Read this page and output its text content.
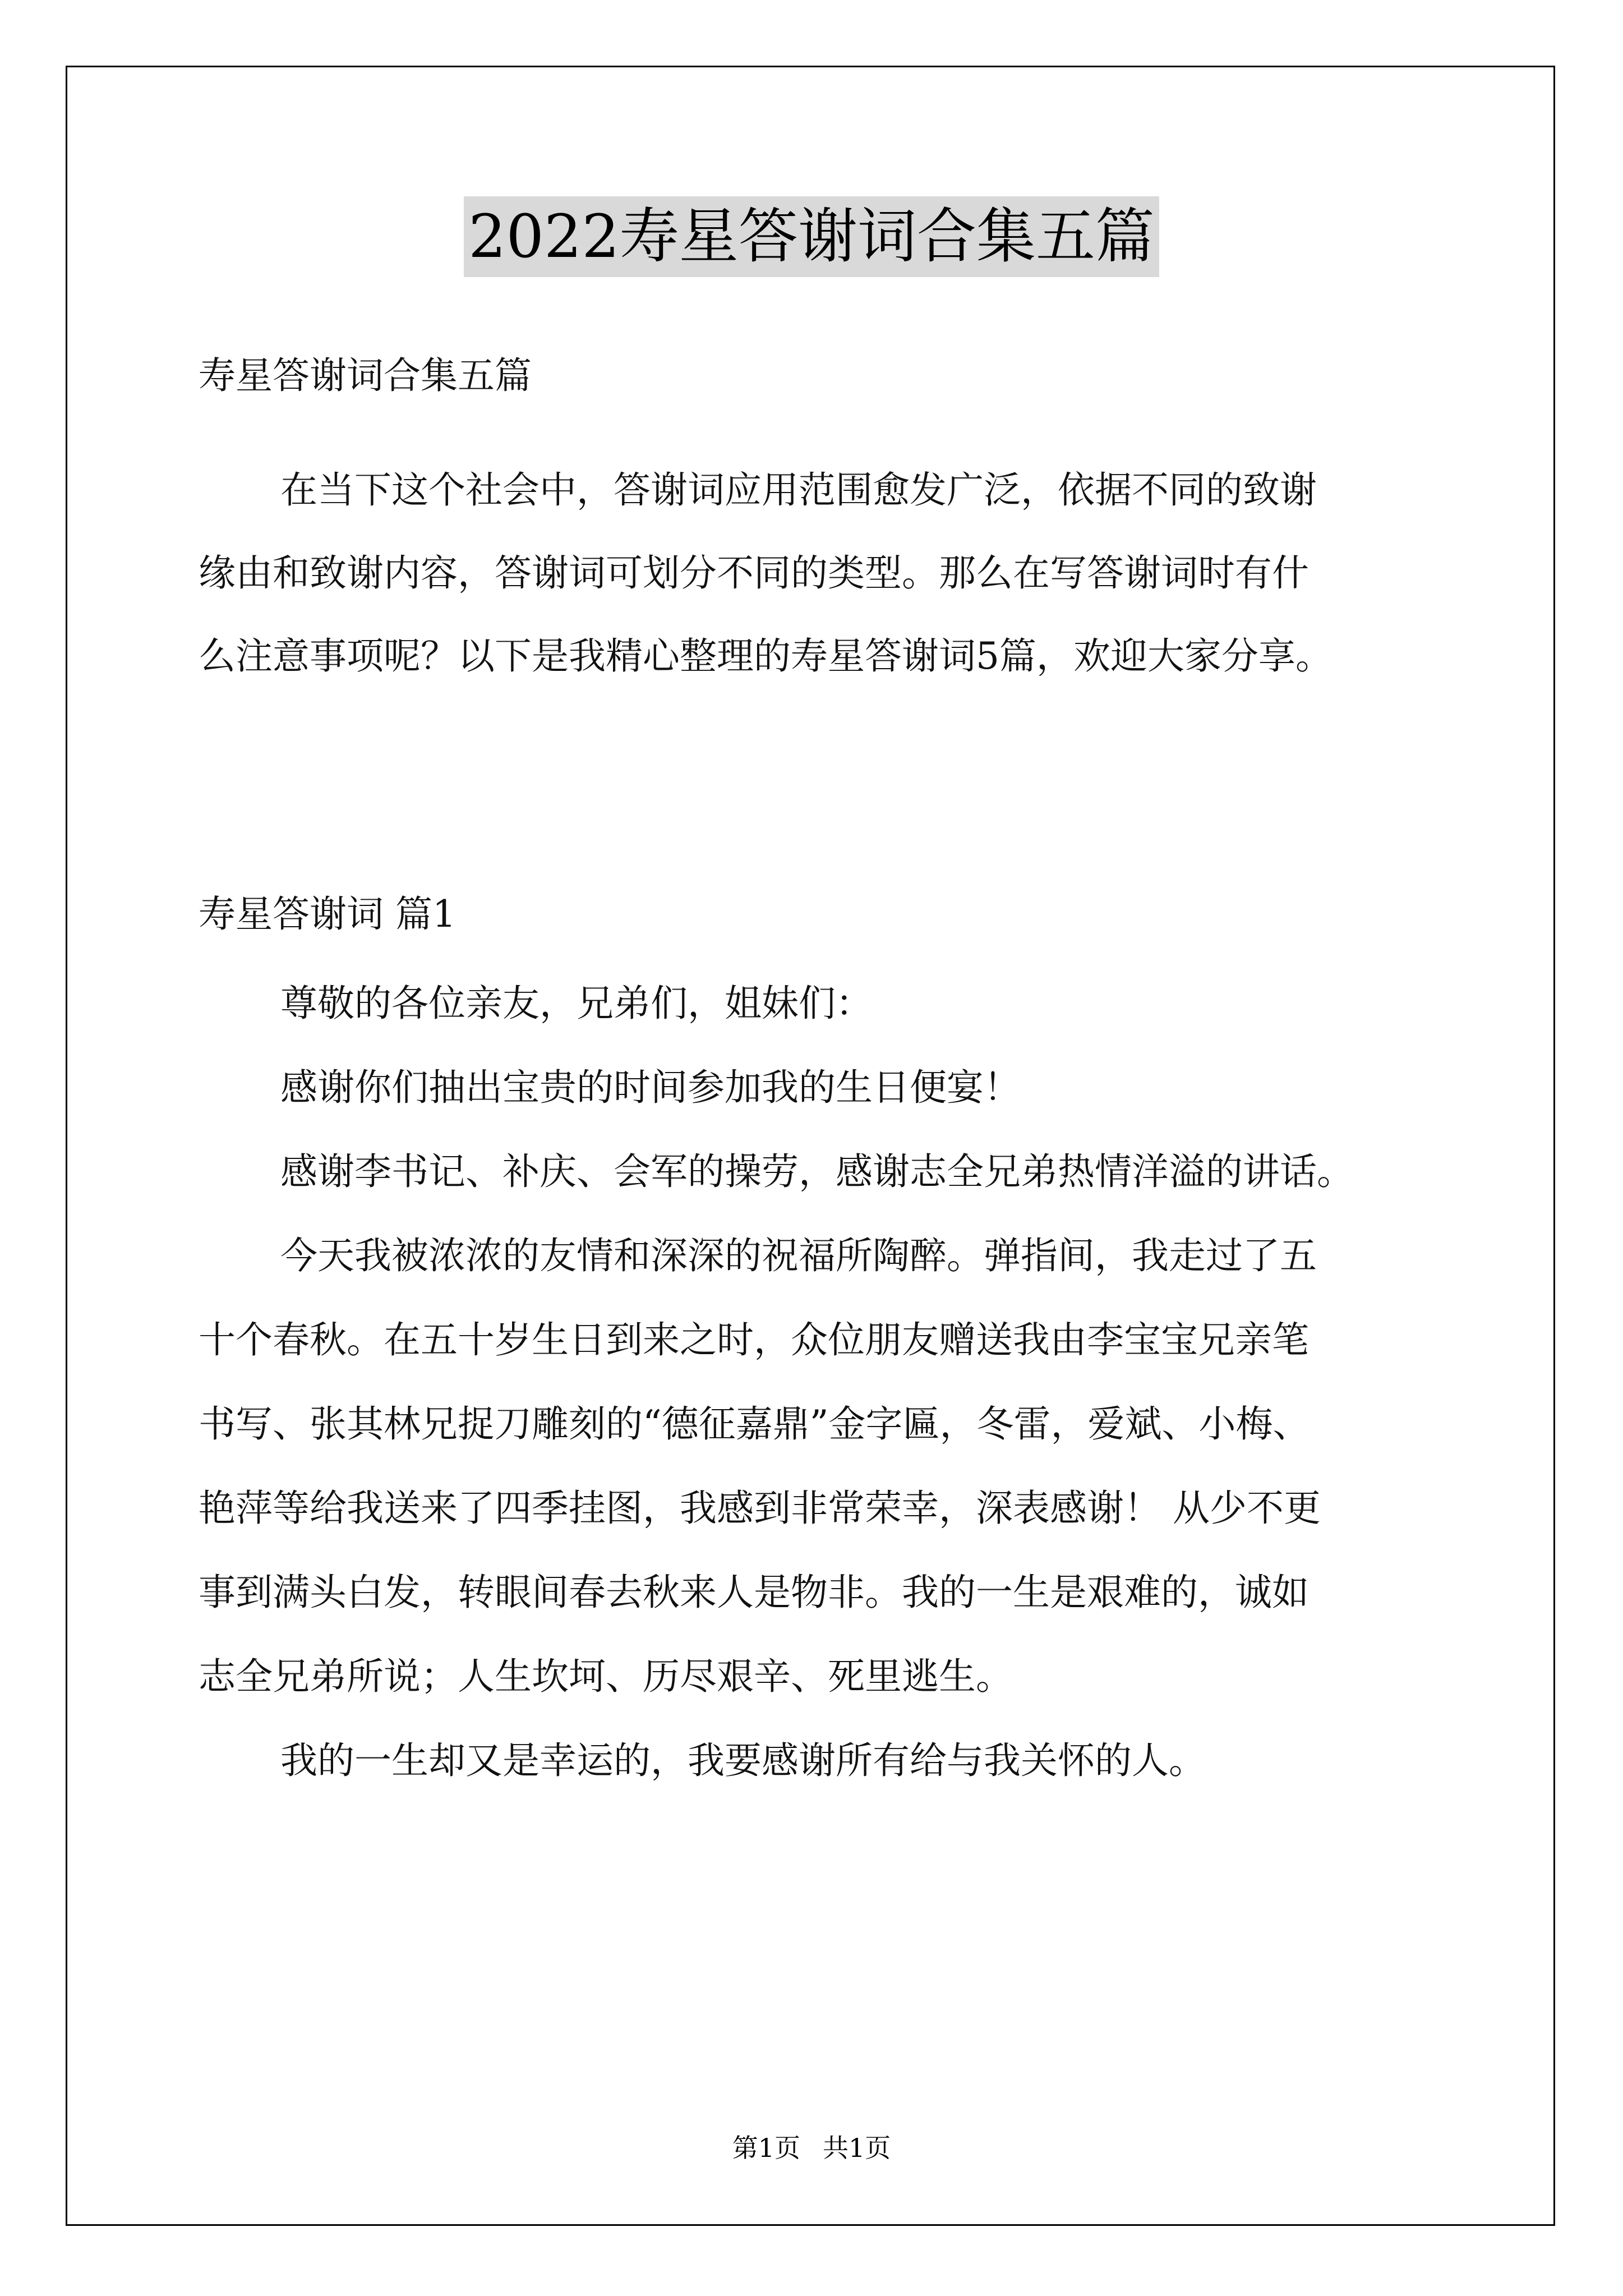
2022寿星答谢词合集五篇
寿星答谢词合集五篇
在当下这个社会中，答谢词应用范围愈发广泛，依据不同的致谢
缘由和致谢内容，答谢词可划分不同的类型。那么在写答谢词时有什
么注意事项呢？以下是我精心整理的寿星答谢词5篇，欢迎大家分享。
寿星答谢词 篇1
尊敬的各位亲友，兄弟们，姐妹们：
感谢你们抽出宝贵的时间参加我的生日便宴！
感谢李书记、补庆、会军的操劳，感谢志全兄弟热情洋溢的讲话。
今天我被浓浓的友情和深深的祝福所陶醉。弹指间，我走过了五
十个春秋。在五十岁生日到来之时，众位朋友赠送我由李宝宝兄亲笔
书写、张其林兄捉刀雕刻的“德征嘉鼎”金字匾，冬雷，爱斌、小梅、
艳萍等给我送来了四季挂图，我感到非常荣幸，深表感谢！ 从少不更
事到满头白发，转眼间春去秋来人是物非。我的一生是艰难的，诚如
志全兄弟所说；人生坎坷、历尽艰辛、死里逃生。
我的一生却又是幸运的，我要感谢所有给与我关怀的人。
第1页 共1页
